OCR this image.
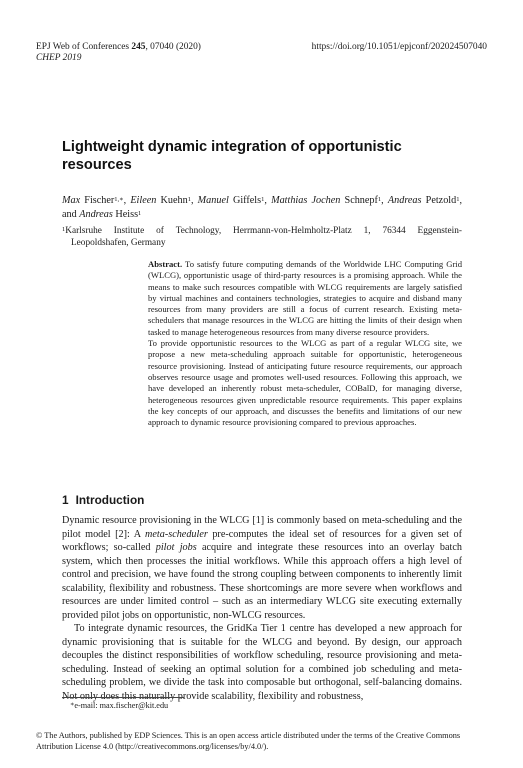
EPJ Web of Conferences 245, 07040 (2020)
CHEP 2019
https://doi.org/10.1051/epjconf/202024507040
Lightweight dynamic integration of opportunistic resources
Max Fischer$^{1,∗}$, Eileen Kuehn$^1$, Manuel Giffels$^1$, Matthias Jochen Schnepf$^1$, Andreas Petzold$^1$, and Andreas Heiss$^1$
$^1$Karlsruhe Institute of Technology, Herrmann-von-Helmholtz-Platz 1, 76344 Eggenstein-
Leopoldshafen, Germany

Abstract. To satisfy future computing demands of the Worldwide LHC Computing Grid (WLCG), opportunistic usage of third-party resources is a promising approach. While the means to make such resources compatible with WLCG requirements are largely satisfied by virtual machines and containers technologies, strategies to acquire and disband many resources from many providers are still a focus of current research. Existing meta-schedulers that manage resources in the WLCG are hitting the limits of their design when tasked to manage heterogeneous resources from many diverse resource providers.

To provide opportunistic resources to the WLCG as part of a regular WLCG site, we propose a new meta-scheduling approach suitable for opportunistic, heterogeneous resource provisioning. Instead of anticipating future resource requirements, our approach observes resource usage and promotes well-used resources. Following this approach, we have developed an inherently robust meta-scheduler, COBalD, for managing diverse, heterogeneous resources given unpredictable resource requirements. This paper explains the key concepts of our approach, and discusses the benefits and limitations of our new approach to dynamic resource provisioning compared to previous approaches.

1 Introduction

Dynamic resource provisioning in the WLCG [1] is commonly based on meta-scheduling and the pilot model [2]: A meta-scheduler pre-computes the ideal set of resources for a given set of workflows; so-called pilot jobs acquire and integrate these resources into an overlay batch system, which then processes the initial workflows. While this approach offers a high level of control and precision, we have found the strong coupling between components to inherently limit scalability, flexibility and robustness. These shortcomings are more severe when workflows and resources are under limited control – such as an intermediary WLCG site executing externally provided pilot jobs on opportunistic, non-WLCG resources.

To integrate dynamic resources, the GridKa Tier 1 centre has developed a new approach for dynamic provisioning that is suitable for the WLCG and beyond. By design, our approach decouples the distinct responsibilities of workflow scheduling, resource provisioning and meta-scheduling. Instead of seeking an optimal solution for a combined job scheduling and meta-scheduling problem, we divide the task into composable but orthogonal, self-balancing domains. Not only does this naturally provide scalability, flexibility and robustness,

∗e-mail: max.fischer@kit.edu
© The Authors, published by EDP Sciences. This is an open access article distributed under the terms of the Creative Commons Attribution License 4.0 (http://creativecommons.org/licenses/by/4.0/).
